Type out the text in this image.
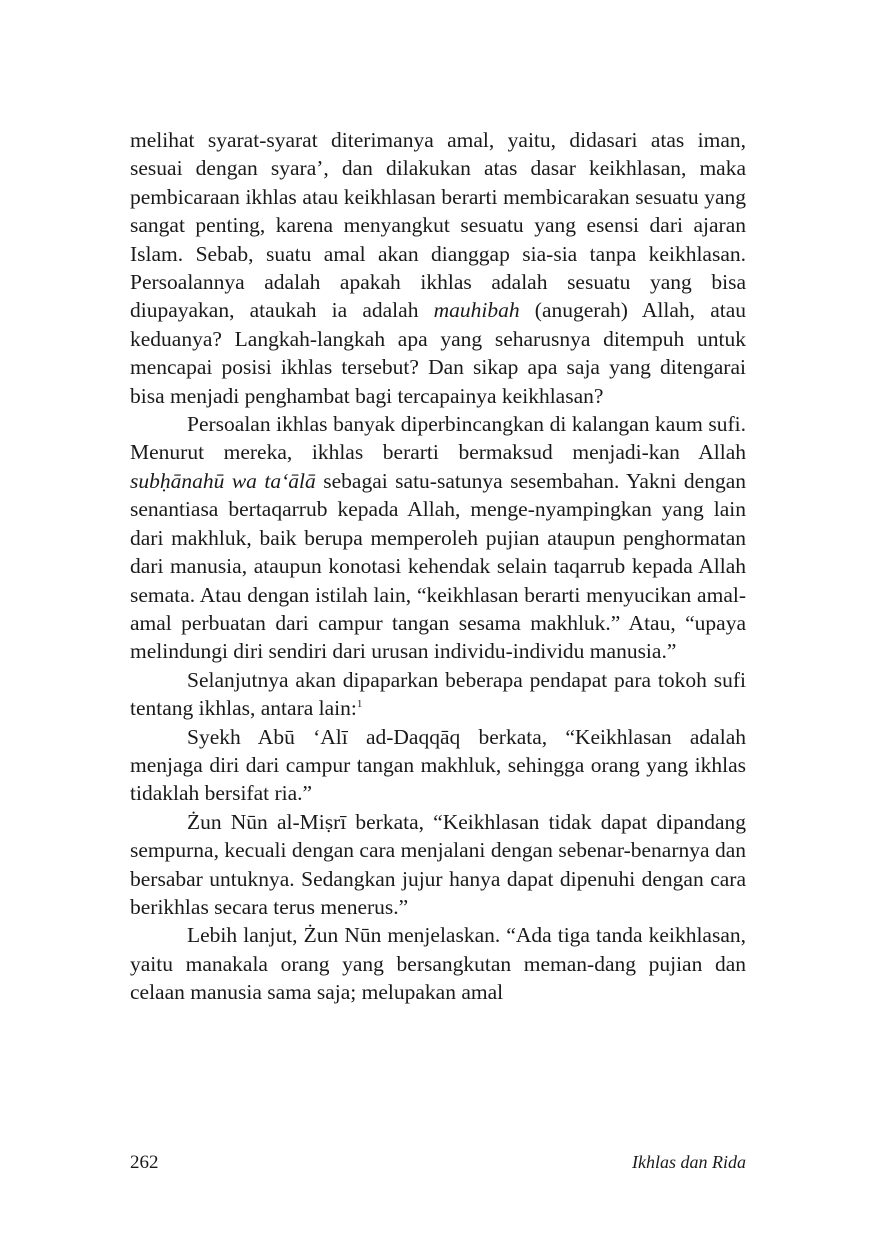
melihat syarat-syarat diterimanya amal, yaitu, didasari atas iman, sesuai dengan syara’, dan dilakukan atas dasar keikhlasan, maka pembicaraan ikhlas atau keikhlasan berarti membicarakan sesuatu yang sangat penting, karena menyangkut sesuatu yang esensi dari ajaran Islam. Sebab, suatu amal akan dianggap sia-sia tanpa keikhlasan. Persoalannya adalah apakah ikhlas adalah sesuatu yang bisa diupayakan, ataukah ia adalah mauhibah (anugerah) Allah, atau keduanya? Langkah-langkah apa yang seharusnya ditempuh untuk mencapai posisi ikhlas tersebut? Dan sikap apa saja yang ditengarai bisa menjadi penghambat bagi tercapainya keikhlasan?

Persoalan ikhlas banyak diperbincangkan di kalangan kaum sufi. Menurut mereka, ikhlas berarti bermaksud menjadi-kan Allah subḥānahū wa ta‘ālā sebagai satu-satunya sesembahan. Yakni dengan senantiasa bertaqarrub kepada Allah, menge-nyampingkan yang lain dari makhluk, baik berupa memperoleh pujian ataupun penghormatan dari manusia, ataupun konotasi kehendak selain taqarrub kepada Allah semata. Atau dengan istilah lain, “keikhlasan berarti menyucikan amal-amal perbuatan dari campur tangan sesama makhluk.” Atau, “upaya melindungi diri sendiri dari urusan individu-individu manusia.”

Selanjutnya akan dipaparkan beberapa pendapat para tokoh sufi tentang ikhlas, antara lain:$^1$

Syekh Abū ‘Alī ad-Daqqāq berkata, “Keikhlasan adalah menjaga diri dari campur tangan makhluk, sehingga orang yang ikhlas tidaklah bersifat ria.”

Żun Nūn al-Miṣrī berkata, “Keikhlasan tidak dapat dipandang sempurna, kecuali dengan cara menjalani dengan sebenar-benarnya dan bersabar untuknya. Sedangkan jujur hanya dapat dipenuhi dengan cara berikhlas secara terus menerus.”

Lebih lanjut, Żun Nūn menjelaskan. “Ada tiga tanda keikhlasan, yaitu manakala orang yang bersangkutan meman-dang pujian dan celaan manusia sama saja; melupakan amal

262	Ikhlas dan Rida
